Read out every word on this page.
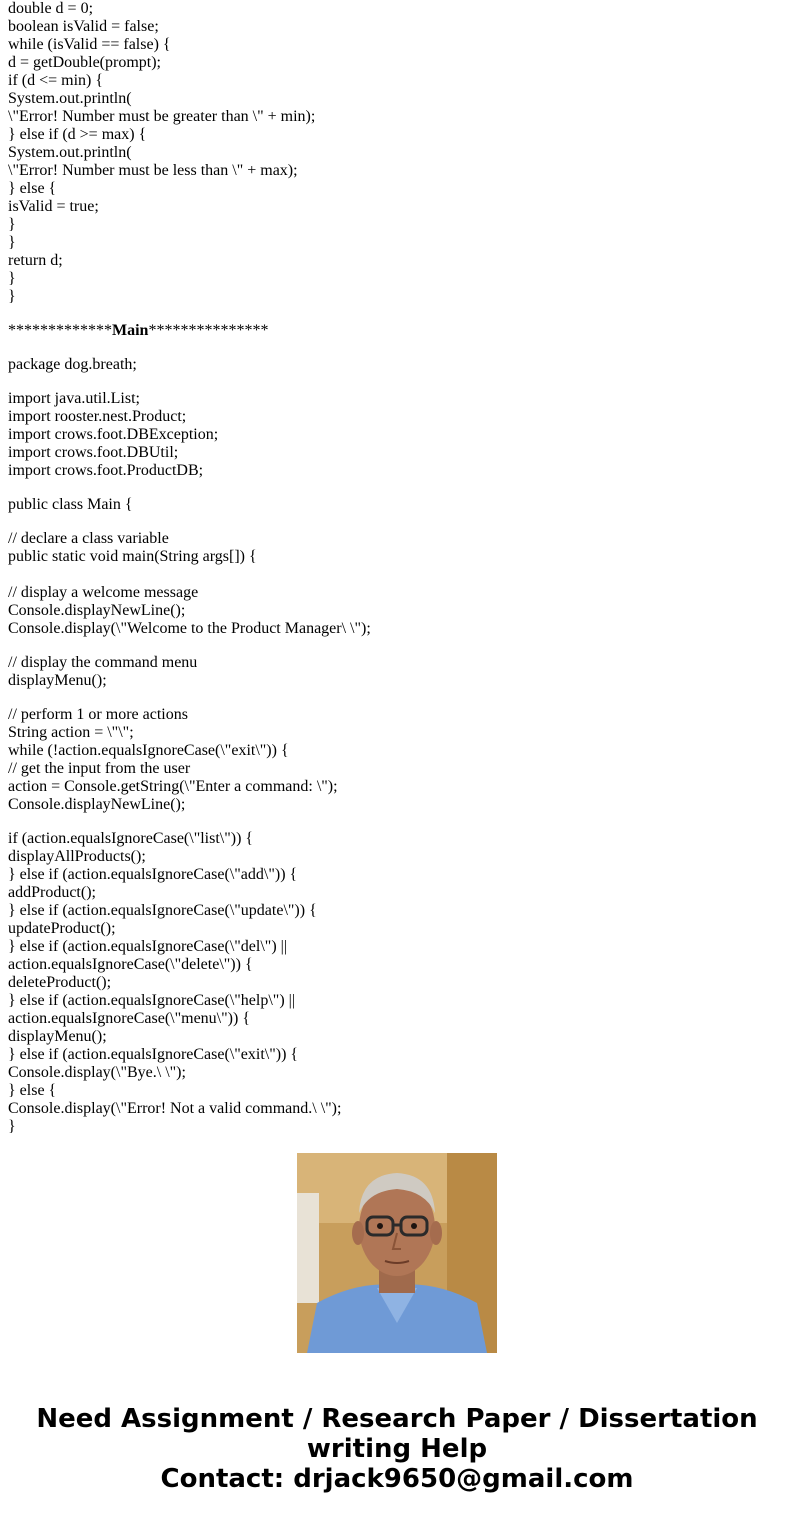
double d = 0;
boolean isValid = false;
while (isValid == false) {
d = getDouble(prompt);
if (d <= min) {
System.out.println(
\"Error! Number must be greater than \" + min);
} else if (d >= max) {
System.out.println(
\"Error! Number must be less than \" + max);
} else {
isValid = true;
}
}
return d;
}
}
package dog.breath;
import java.util.List;
import rooster.nest.Product;
import crows.foot.DBException;
import crows.foot.DBUtil;
import crows.foot.ProductDB;
public class Main {
// declare a class variable
public static void main(String args[]) {
// display a welcome message
Console.displayNewLine();
Console.display(\"Welcome to the Product Manager\ \");
// display the command menu
displayMenu();
// perform 1 or more actions
String action = \"\";
while (!action.equalsIgnoreCase(\"exit\")) {
// get the input from the user
action = Console.getString(\"Enter a command: \");
Console.displayNewLine();
if (action.equalsIgnoreCase(\"list\")) {
displayAllProducts();
} else if (action.equalsIgnoreCase(\"add\")) {
addProduct();
} else if (action.equalsIgnoreCase(\"update\")) {
updateProduct();
} else if (action.equalsIgnoreCase(\"del\") ||
action.equalsIgnoreCase(\"delete\")) {
deleteProduct();
} else if (action.equalsIgnoreCase(\"help\") ||
action.equalsIgnoreCase(\"menu\")) {
displayMenu();
} else if (action.equalsIgnoreCase(\"exit\")) {
Console.display(\"Bye.\ \");
} else {
Console.display(\"Error! Not a valid command.\ \");
}
*************Main***************
Need Assignment / Research Paper / Dissertation
writing Help
Contact: drjack9650@gmail.com
